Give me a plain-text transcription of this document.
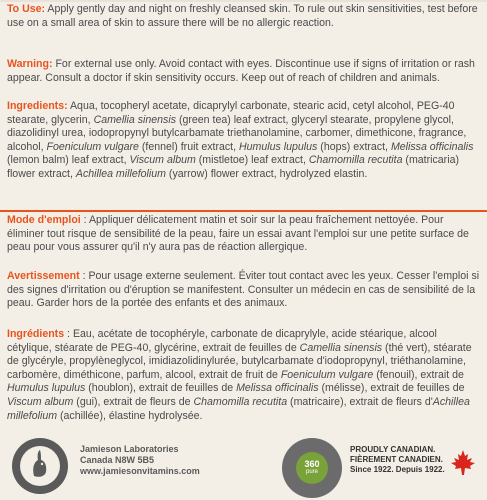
To Use: Apply gently day and night on freshly cleansed skin. To rule out skin sensitivities, test before use on a small area of skin to assure there will be no allergic reaction.

Warning: For external use only. Avoid contact with eyes. Discontinue use if signs of irritation or rash appear. Consult a doctor if skin sensitivity occurs. Keep out of reach of children and animals.

Ingredients: Aqua, tocopheryl acetate, dicaprylyl carbonate, stearic acid, cetyl alcohol, PEG-40 stearate, glycerin, Camellia sinensis (green tea) leaf extract, glyceryl stearate, propylene glycol, diazolidinyl urea, iodopropynyl butylcarbamate triethanolamine, carbomer, dimethicone, fragrance, alcohol, Foeniculum vulgare (fennel) fruit extract, Humulus lupulus (hops) extract, Melissa officinalis (lemon balm) leaf extract, Viscum album (mistletoe) leaf extract, Chamomilla recutita (matricaria) flower extract, Achillea millefolium (yarrow) flower extract, hydrolyzed elastin.

Mode d'emploi : Appliquer délicatement matin et soir sur la peau fraîchement nettoyée. Pour éliminer tout risque de sensibilité de la peau, faire un essai avant l'emploi sur une petite surface de peau pour vous assurer qu'il n'y aura pas de réaction allergique.

Avertissement : Pour usage externe seulement. Éviter tout contact avec les yeux. Cesser l'emploi si des signes d'irritation ou d'éruption se manifestent. Consulter un médecin en cas de sensibilité de la peau. Garder hors de la portée des enfants et des animaux.

Ingrédients : Eau, acétate de tocophéryle, carbonate de dicaprylyle, acide stéarique, alcool cétylique, stéarate de PEG-40, glycérine, extrait de feuilles de Camellia sinensis (thé vert), stéarate de glycéryle, propylèneglycol, imidiazolidinylurée, butylcarbamate d'iodopropynyl, triéthanolamine, carbomère, diméthicone, parfum, alcool, extrait de fruit de Foeniculum vulgare (fenouil), extrait de Humulus lupulus (houblon), extrait de feuilles de Melissa officinalis (mélisse), extrait de feuilles de Viscum album (gui), extrait de fleurs de Chamomilla recutita (matricaire), extrait de fleurs d'Achillea millefolium (achillée), élastine hydrolysée.

Jamieson Laboratories
Canada N8W 5B5
www.jamiesonvitamins.com
360
pure
PROUDLY CANADIAN.
FIÈREMENT CANADIEN.
Since 1922. Depuis 1922.
